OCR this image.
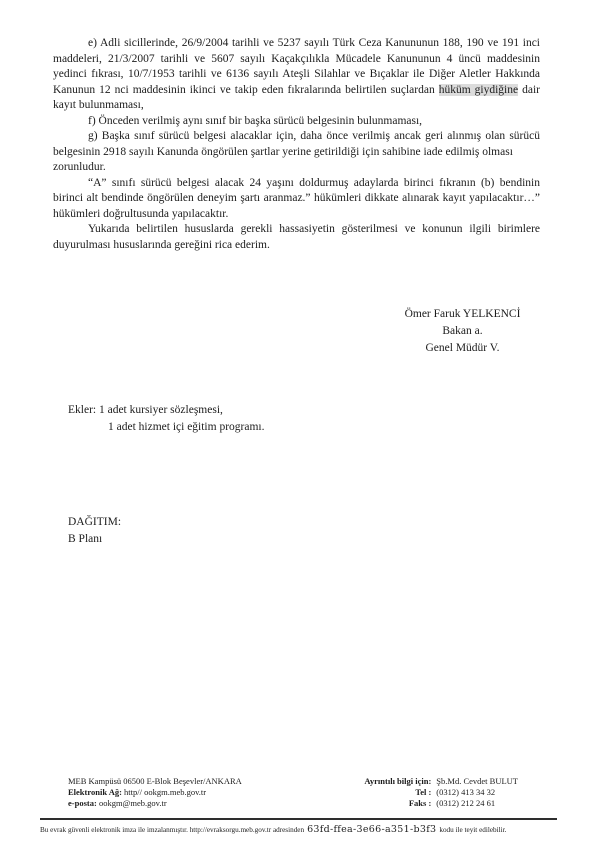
e) Adli sicillerinde, 26/9/2004 tarihli ve 5237 sayılı Türk Ceza Kanununun 188, 190 ve 191 inci maddeleri, 21/3/2007 tarihli ve 5607 sayılı Kaçakçılıkla Mücadele Kanununun 4 üncü maddesinin yedinci fıkrası, 10/7/1953 tarihli ve 6136 sayılı Ateşli Silahlar ve Bıçaklar ile Diğer Aletler Hakkında Kanunun 12 nci maddesinin ikinci ve takip eden fıkralarında belirtilen suçlardan hüküm giydiğine dair kayıt bulunmaması,

f) Önceden verilmiş aynı sınıf bir başka sürücü belgesinin bulunmaması,

g) Başka sınıf sürücü belgesi alacaklar için, daha önce verilmiş ancak geri alınmış olan sürücü belgesinin 2918 sayılı Kanunda öngörülen şartlar yerine getirildiği için sahibine iade edilmiş olması

zorunludur.

“A” sınıfı sürücü belgesi alacak 24 yaşını doldurmuş adaylarda birinci fıkranın (b) bendinin birinci alt bendinde öngörülen deneyim şartı aranmaz.” hükümleri dikkate alınarak kayıt yapılacaktır…” hükümleri doğrultusunda yapılacaktır.

Yukarıda belirtilen hususlarda gerekli hassasiyetin gösterilmesi ve konunun ilgili birimlere duyurulması hususlarında gereğini rica ederim.

Ömer Faruk YELKENCİ
Bakan a.
Genel Müdür V.
Ekler: 1 adet kursiyer sözleşmesi,
1 adet hizmet içi eğitim programı.
DAĞITIM:
B Planı
MEB Kampüsü 06500 E-Blok Beşevler/ANKARA
Elektronik Ağ: http// ookgm.meb.gov.tr
e-posta: ookgm@meb.gov.tr
Ayrıntılı bilgi için: Şb.Md. Cevdet BULUT
Tel : (0312) 413 34 32
Faks : (0312) 212 24 61
Bu evrak güvenli elektronik imza ile imzalanmıştır. http://evraksorgu.meb.gov.tr adresinden 63fd-ffea-3e66-a351-b3f3 kodu ile teyit edilebilir.
